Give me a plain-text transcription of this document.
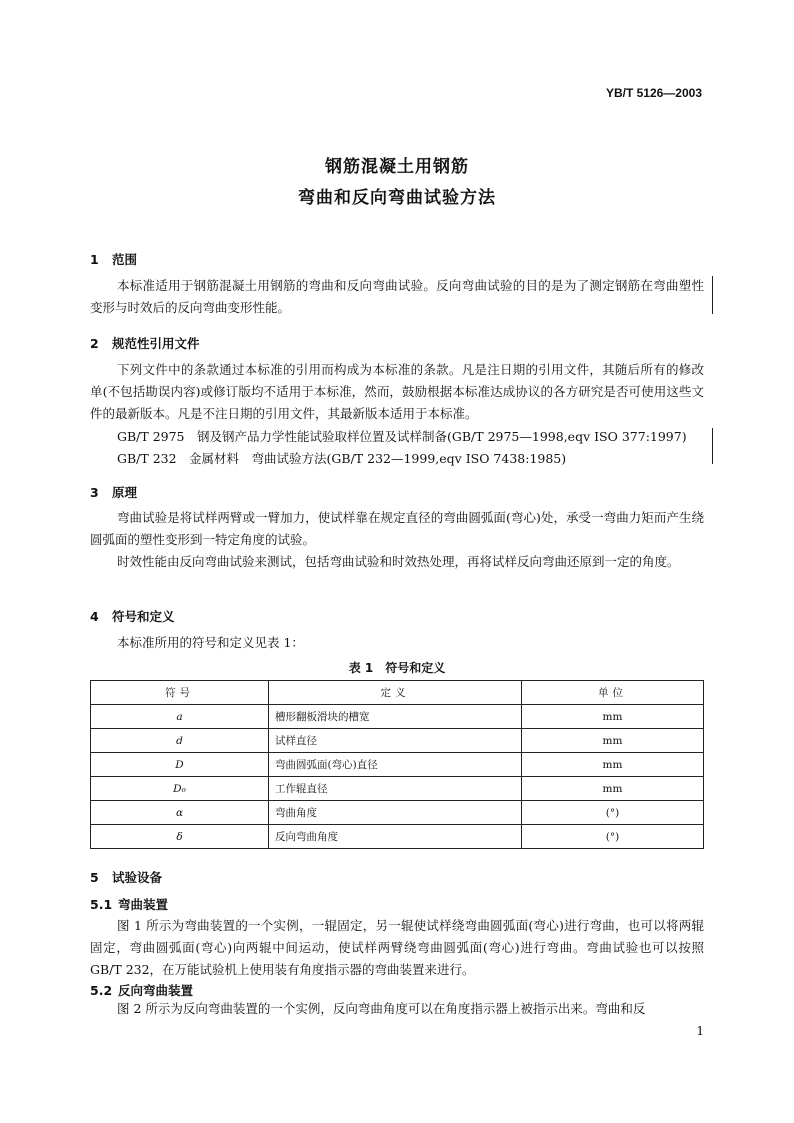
YB/T 5126—2003
钢筋混凝土用钢筋
弯曲和反向弯曲试验方法
1 范围
本标准适用于钢筋混凝土用钢筋的弯曲和反向弯曲试验。反向弯曲试验的目的是为了测定钢筋在弯曲塑性变形与时效后的反向弯曲变形性能。
2 规范性引用文件
下列文件中的条款通过本标准的引用而构成为本标准的条款。凡是注日期的引用文件，其随后所有的修改单(不包括勘误内容)或修订版均不适用于本标准，然而，鼓励根据本标准达成协议的各方研究是否可使用这些文件的最新版本。凡是不注日期的引用文件，其最新版本适用于本标准。
GB/T 2975　钢及钢产品力学性能试验取样位置及试样制备(GB/T 2975—1998,eqv ISO 377:1997)
GB/T 232　金属材料　弯曲试验方法(GB/T 232—1999,eqv ISO 7438:1985)
3 原理
弯曲试验是将试样两臂或一臂加力，使试样靠在规定直径的弯曲圆弧面(弯心)处，承受一弯曲力矩而产生绕圆弧面的塑性变形到一特定角度的试验。
时效性能由反向弯曲试验来测试，包括弯曲试验和时效热处理，再将试样反向弯曲还原到一定的角度。
4 符号和定义
本标准所用的符号和定义见表 1：
表 1　符号和定义
符号	定义	单位
a	槽形翻板滑块的槽宽	mm
d	试样直径	mm
D	弯曲圆弧面(弯心)直径	mm
D₀	工作辊直径	mm
α	弯曲角度	(°)
δ	反向弯曲角度	(°)
5 试验设备
5.1 弯曲装置
图 1 所示为弯曲装置的一个实例，一辊固定，另一辊使试样绕弯曲圆弧面(弯心)进行弯曲，也可以将两辊固定，弯曲圆弧面(弯心)向两辊中间运动，使试样两臂绕弯曲圆弧面(弯心)进行弯曲。弯曲试验也可以按照 GB/T 232，在万能试验机上使用装有角度指示器的弯曲装置来进行。
5.2 反向弯曲装置
图 2 所示为反向弯曲装置的一个实例，反向弯曲角度可以在角度指示器上被指示出来。弯曲和反
1
